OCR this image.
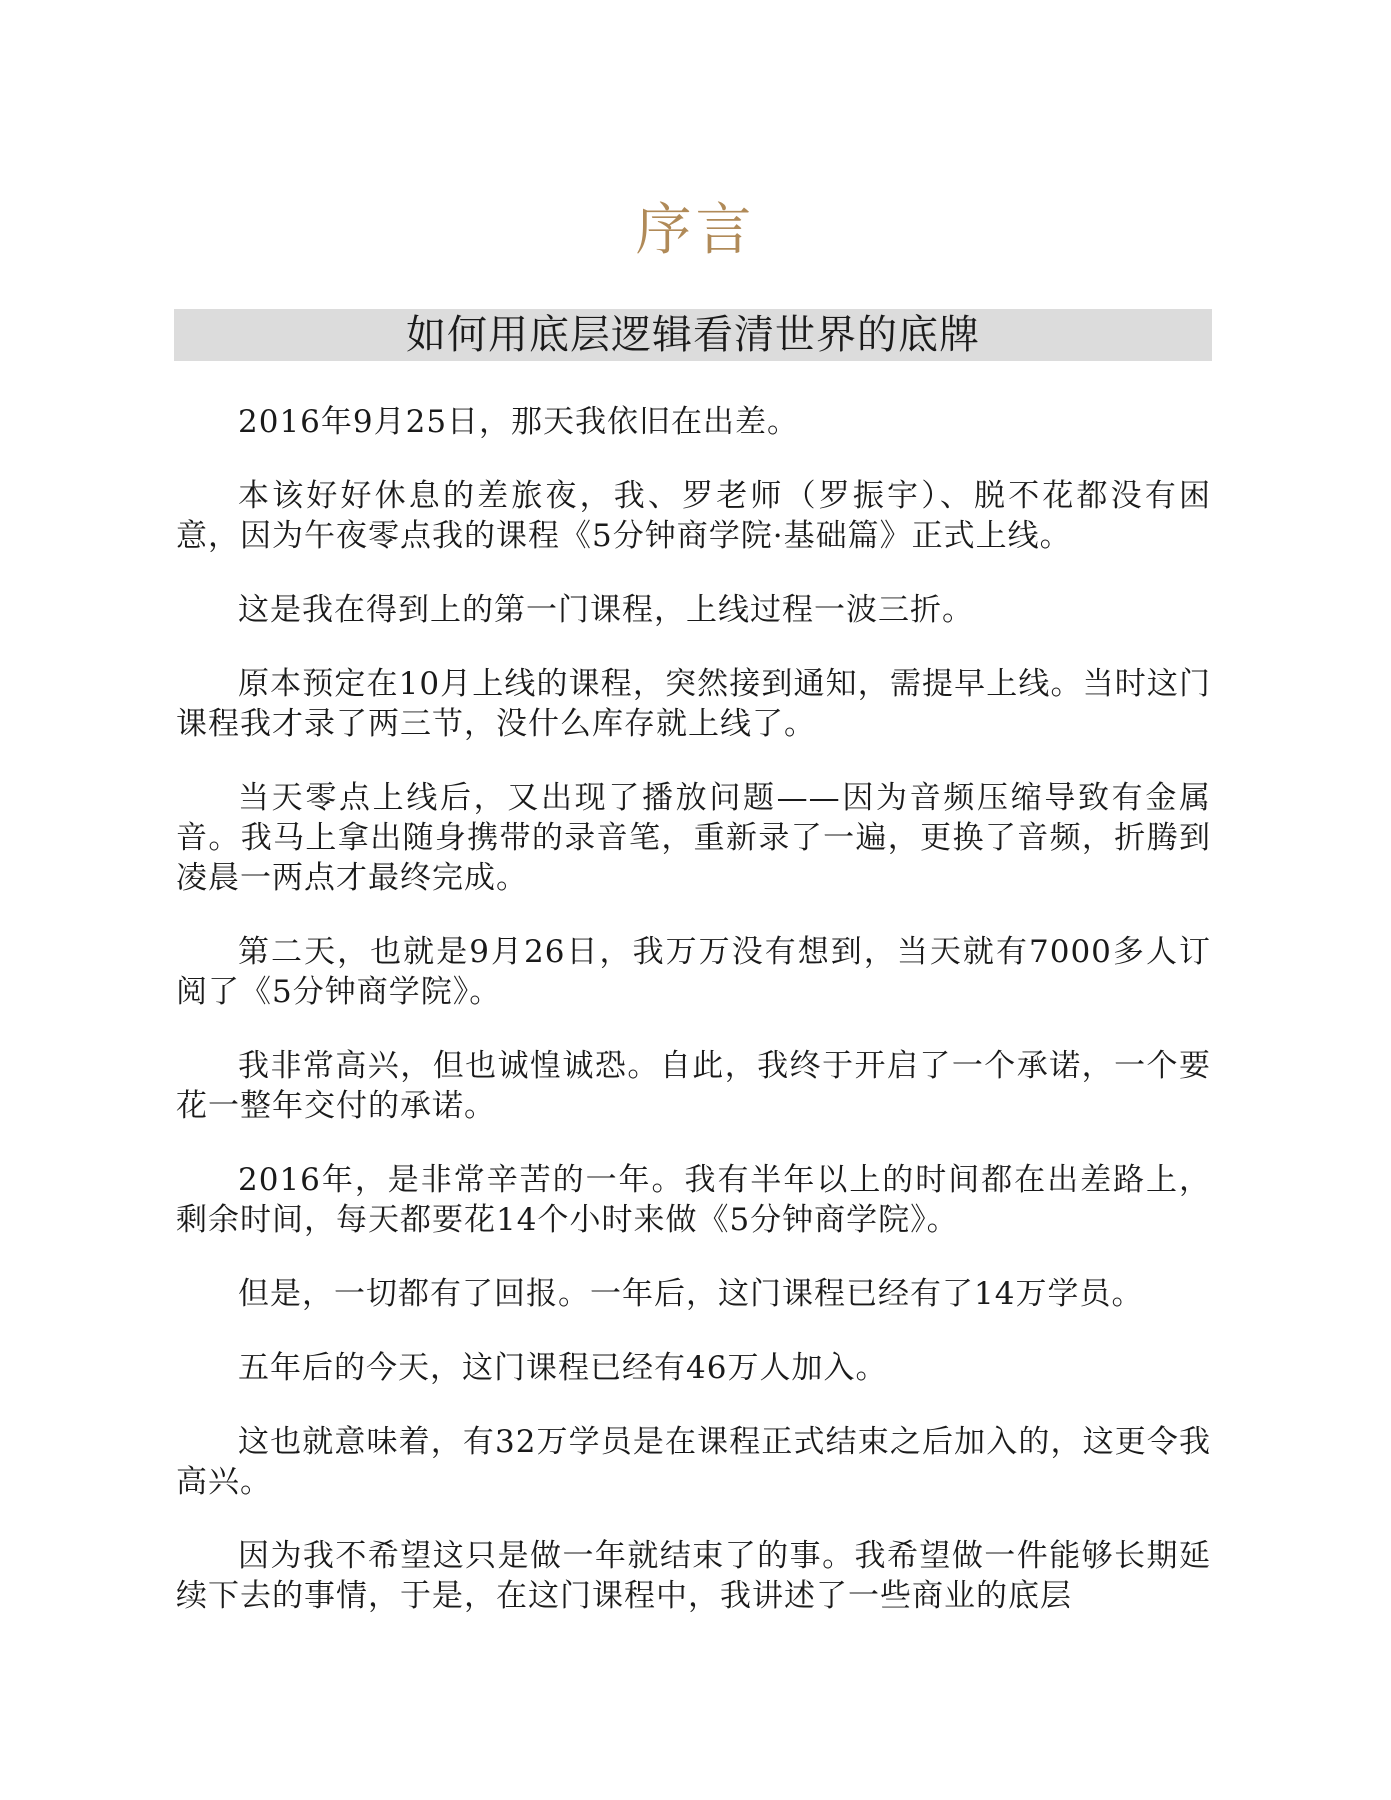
序言
如何用底层逻辑看清世界的底牌

2016年9月25日，那天我依旧在出差。

本该好好休息的差旅夜，我、罗老师（罗振宇）、脱不花都没有困意，因为午夜零点我的课程《5分钟商学院·基础篇》正式上线。

这是我在得到上的第一门课程，上线过程一波三折。

原本预定在10月上线的课程，突然接到通知，需提早上线。当时这门课程我才录了两三节，没什么库存就上线了。

当天零点上线后，又出现了播放问题——因为音频压缩导致有金属音。我马上拿出随身携带的录音笔，重新录了一遍，更换了音频，折腾到凌晨一两点才最终完成。

第二天，也就是9月26日，我万万没有想到，当天就有7000多人订阅了《5分钟商学院》。

我非常高兴，但也诚惶诚恐。自此，我终于开启了一个承诺，一个要花一整年交付的承诺。

2016年，是非常辛苦的一年。我有半年以上的时间都在出差路上，剩余时间，每天都要花14个小时来做《5分钟商学院》。

但是，一切都有了回报。一年后，这门课程已经有了14万学员。

五年后的今天，这门课程已经有46万人加入。

这也就意味着，有32万学员是在课程正式结束之后加入的，这更令我高兴。

因为我不希望这只是做一年就结束了的事。我希望做一件能够长期延续下去的事情，于是，在这门课程中，我讲述了一些商业的底层
